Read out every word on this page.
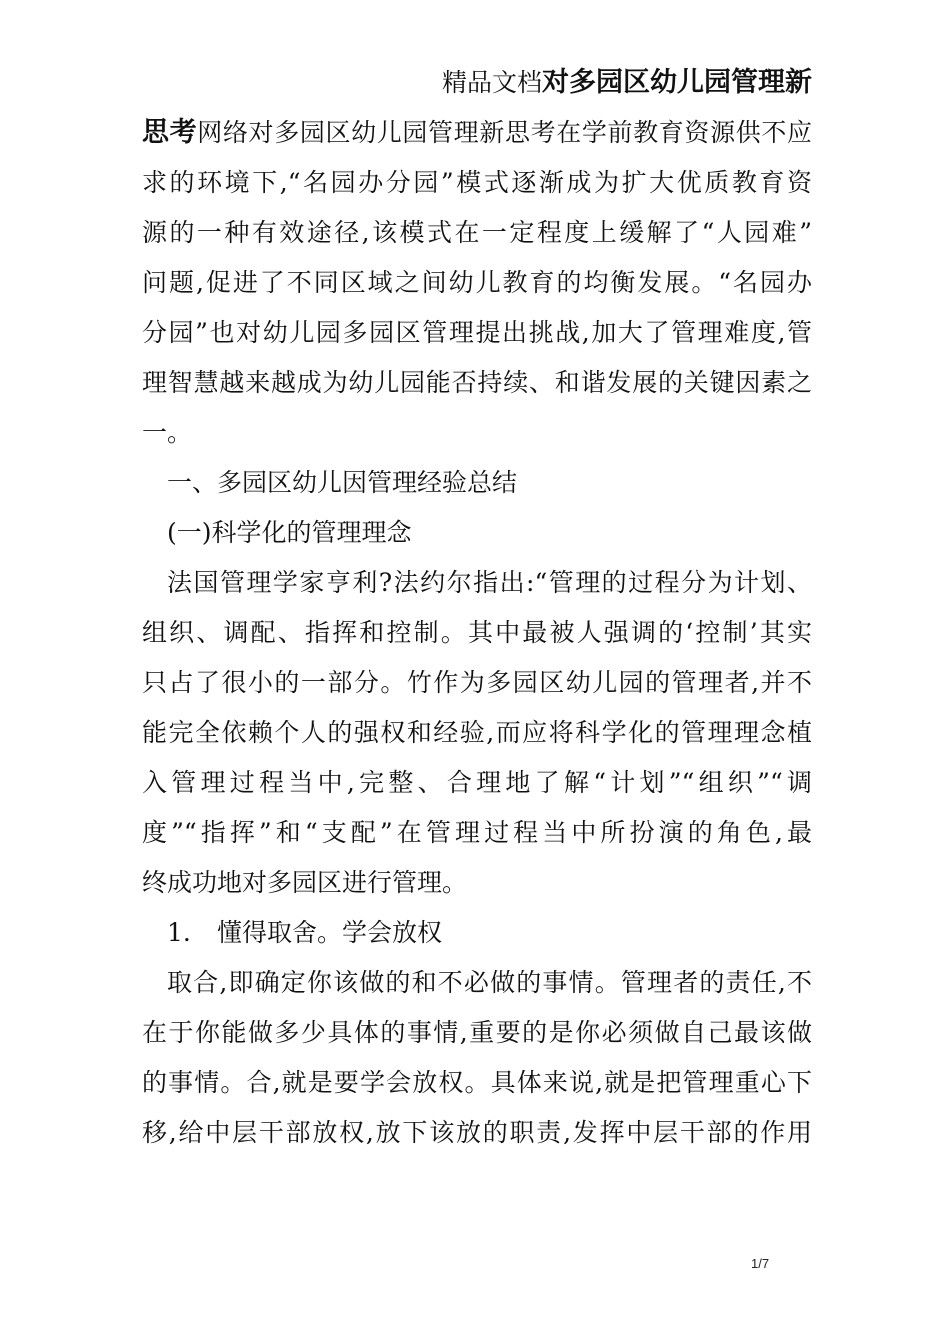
精品文档对多园区幼儿园管理新
思考网络对多园区幼儿园管理新思考在学前教育资源供不应
求的环境下,“名园办分园”模式逐渐成为扩大优质教育资
源的一种有效途径,该模式在一定程度上缓解了“人园难”
问题,促进了不同区域之间幼儿教育的均衡发展。“名园办
分园”也对幼儿园多园区管理提出挑战,加大了管理难度,管
理智慧越来越成为幼儿园能否持续、和谐发展的关键因素之
一。
一、多园区幼儿因管理经验总结
(一)科学化的管理理念
法国管理学家亨利?法约尔指出:“管理的过程分为计划、
组织、调配、指挥和控制。其中最被人强调的‘控制’其实
只占了很小的一部分。竹作为多园区幼儿园的管理者,并不
能完全依赖个人的强权和经验,而应将科学化的管理理念植
入管理过程当中,完整、合理地了解“计划”“组织”“调
度”“指挥”和“支配”在管理过程当中所扮演的角色,最
终成功地对多园区进行管理。
1. 懂得取舍。学会放权
取合,即确定你该做的和不必做的事情。管理者的责任,不
在于你能做多少具体的事情,重要的是你必须做自己最该做
的事情。合,就是要学会放权。具体来说,就是把管理重心下
移,给中层干部放权,放下该放的职责,发挥中层干部的作用
1/7
